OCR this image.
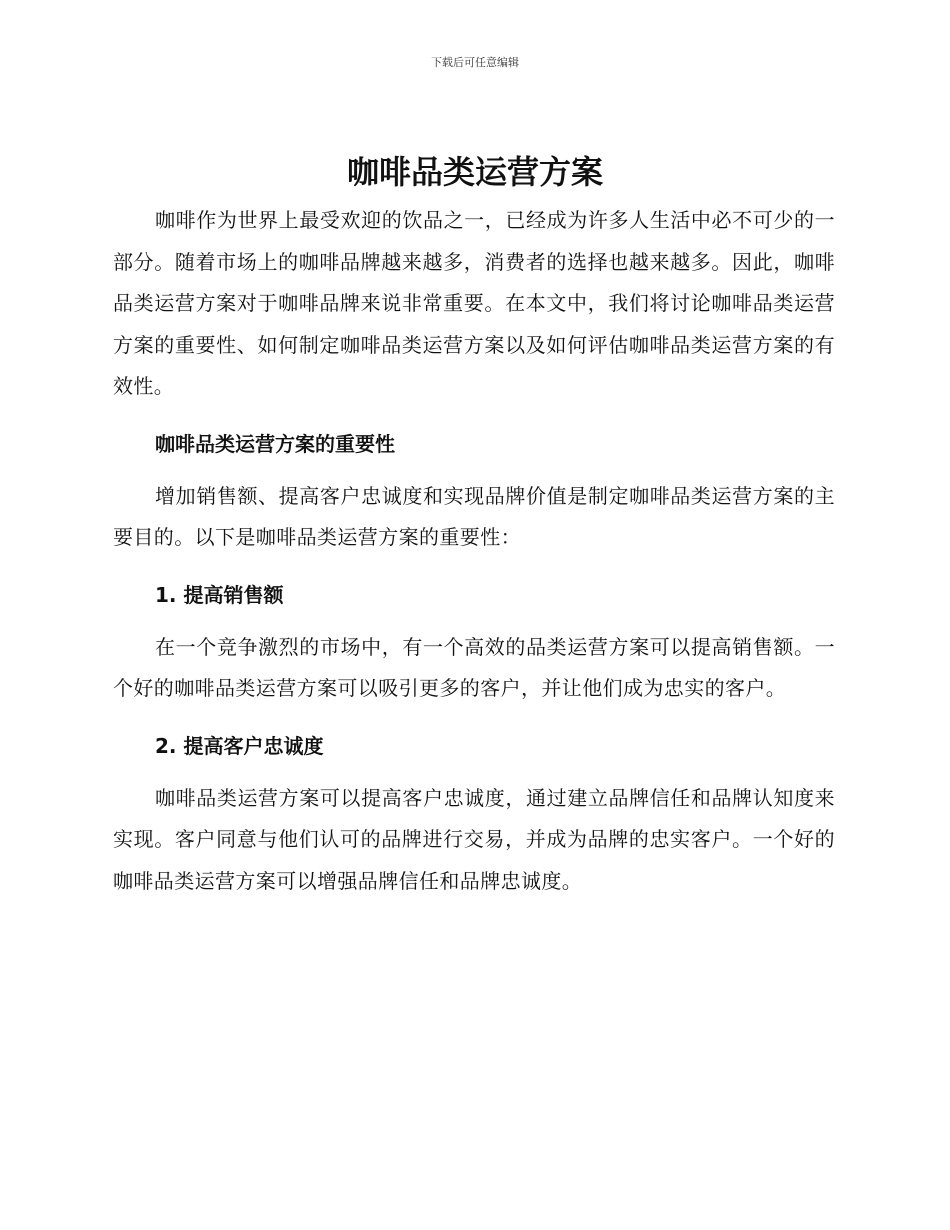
下载后可任意编辑
咖啡品类运营方案

咖啡作为世界上最受欢迎的饮品之一，已经成为许多人生活中必不可少的一部分。随着市场上的咖啡品牌越来越多，消费者的选择也越来越多。因此，咖啡品类运营方案对于咖啡品牌来说非常重要。在本文中，我们将讨论咖啡品类运营方案的重要性、如何制定咖啡品类运营方案以及如何评估咖啡品类运营方案的有效性。

咖啡品类运营方案的重要性

增加销售额、提高客户忠诚度和实现品牌价值是制定咖啡品类运营方案的主要目的。以下是咖啡品类运营方案的重要性：

1. 提高销售额

在一个竞争激烈的市场中，有一个高效的品类运营方案可以提高销售额。一个好的咖啡品类运营方案可以吸引更多的客户，并让他们成为忠实的客户。

2. 提高客户忠诚度

咖啡品类运营方案可以提高客户忠诚度，通过建立品牌信任和品牌认知度来实现。客户同意与他们认可的品牌进行交易，并成为品牌的忠实客户。一个好的咖啡品类运营方案可以增强品牌信任和品牌忠诚度。
